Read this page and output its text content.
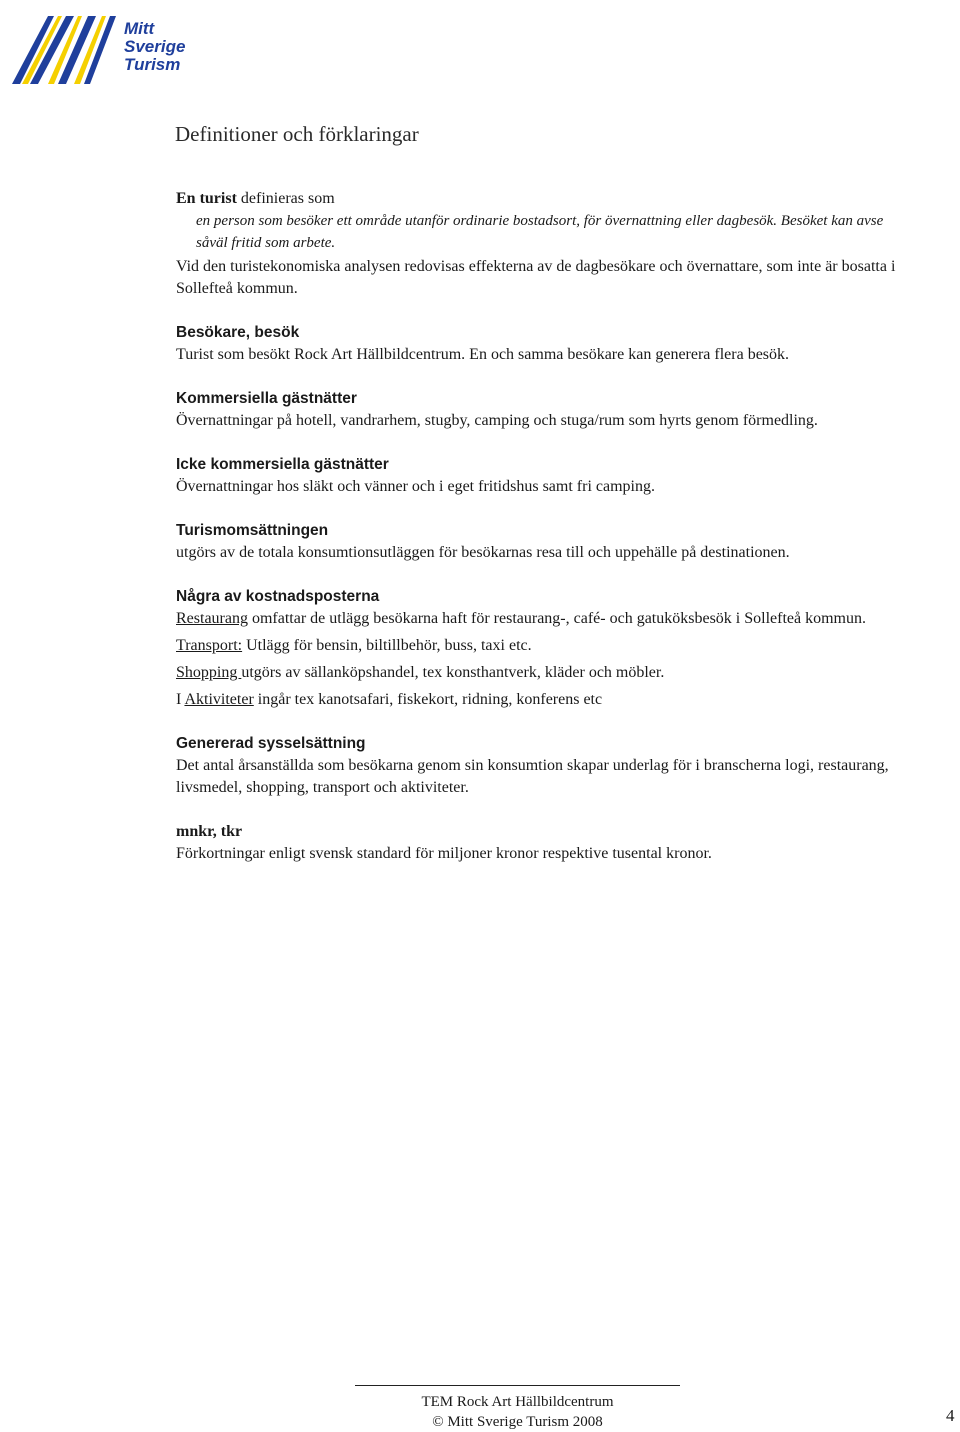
Mitt
Sverige
Turism
Definitioner och förklaringar

En turist definieras som

en person som besöker ett område utanför ordinarie bostadsort, för övernattning eller dagbesök. Besöket kan avse såväl fritid som arbete.

Vid den turistekonomiska analysen redovisas effekterna av de dagbesökare och övernattare, som inte är bosatta i Sollefteå kommun.

Besökare, besök

Turist som besökt Rock Art Hällbildcentrum. En och samma besökare kan generera flera besök.

Kommersiella gästnätter

Övernattningar på hotell, vandrarhem, stugby, camping och stuga/rum som hyrts genom förmedling.

Icke kommersiella gästnätter

Övernattningar hos släkt och vänner och i eget fritidshus samt fri camping.

Turismomsättningen

utgörs av de totala konsumtionsutläggen för besökarnas resa till och uppehälle på destinationen.

Några av kostnadsposterna

Restaurang omfattar de utlägg besökarna haft för restaurang-, café- och gatuköksbesök i Sollefteå kommun.

Transport: Utlägg för bensin, biltillbehör, buss, taxi etc.

Shopping utgörs av sällanköpshandel, tex konsthantverk, kläder och möbler.

I Aktiviteter ingår tex kanotsafari, fiskekort, ridning, konferens etc

Genererad sysselsättning

Det antal årsanställda som besökarna genom sin konsumtion skapar underlag för i branscherna logi, restaurang, livsmedel, shopping, transport och aktiviteter.

mnkr, tkr

Förkortningar enligt svensk standard för miljoner kronor respektive tusental kronor.

TEM Rock Art Hällbildcentrum
© Mitt Sverige Turism 2008	4
